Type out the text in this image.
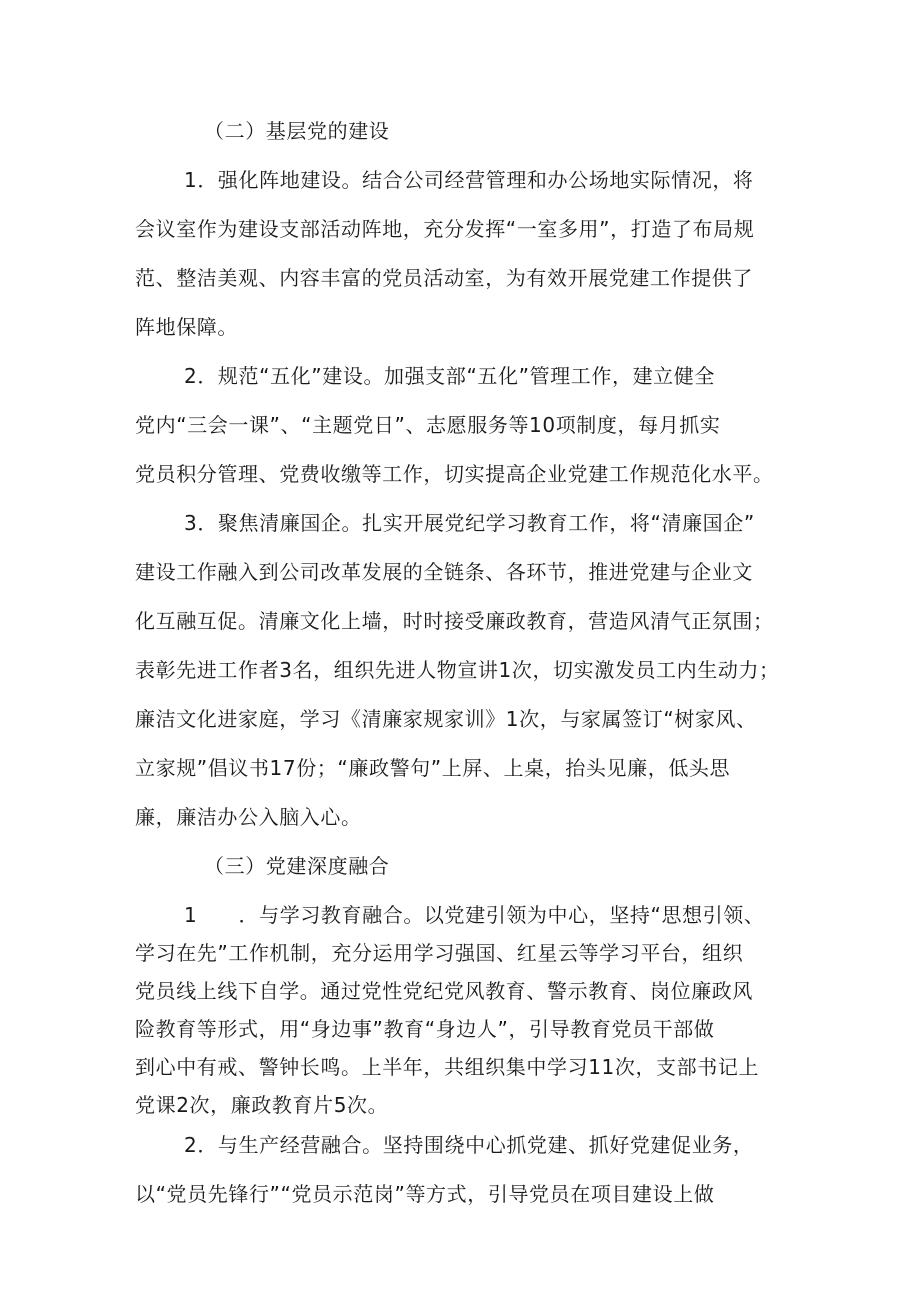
（二）基层党的建设
1．强化阵地建设。结合公司经营管理和办公场地实际情况，将
会议室作为建设支部活动阵地，充分发挥“一室多用”，打造了布局规
范、整洁美观、内容丰富的党员活动室，为有效开展党建工作提供了
阵地保障。
2．规范“五化”建设。加强支部“五化”管理工作，建立健全
党内“三会一课”、“主题党日”、志愿服务等10项制度，每月抓实
党员积分管理、党费收缴等工作，切实提高企业党建工作规范化水平。
3．聚焦清廉国企。扎实开展党纪学习教育工作，将“清廉国企”
建设工作融入到公司改革发展的全链条、各环节，推进党建与企业文
化互融互促。清廉文化上墙，时时接受廉政教育，营造风清气正氛围；
表彰先进工作者3名，组织先进人物宣讲1次，切实激发员工内生动力；
廉洁文化进家庭，学习《清廉家规家训》1次，与家属签订“树家风、
立家规”倡议书17份；“廉政警句”上屏、上桌，抬头见廉，低头思
廉，廉洁办公入脑入心。
（三）党建深度融合
1　　．与学习教育融合。以党建引领为中心，坚持“思想引领、
学习在先”工作机制，充分运用学习强国、红星云等学习平台，组织
党员线上线下自学。通过党性党纪党风教育、警示教育、岗位廉政风
险教育等形式，用“身边事”教育“身边人”，引导教育党员干部做
到心中有戒、警钟长鸣。上半年，共组织集中学习11次，支部书记上
党课2次，廉政教育片5次。
2．与生产经营融合。坚持围绕中心抓党建、抓好党建促业务，
以“党员先锋行”“党员示范岗”等方式，引导党员在项目建设上做
